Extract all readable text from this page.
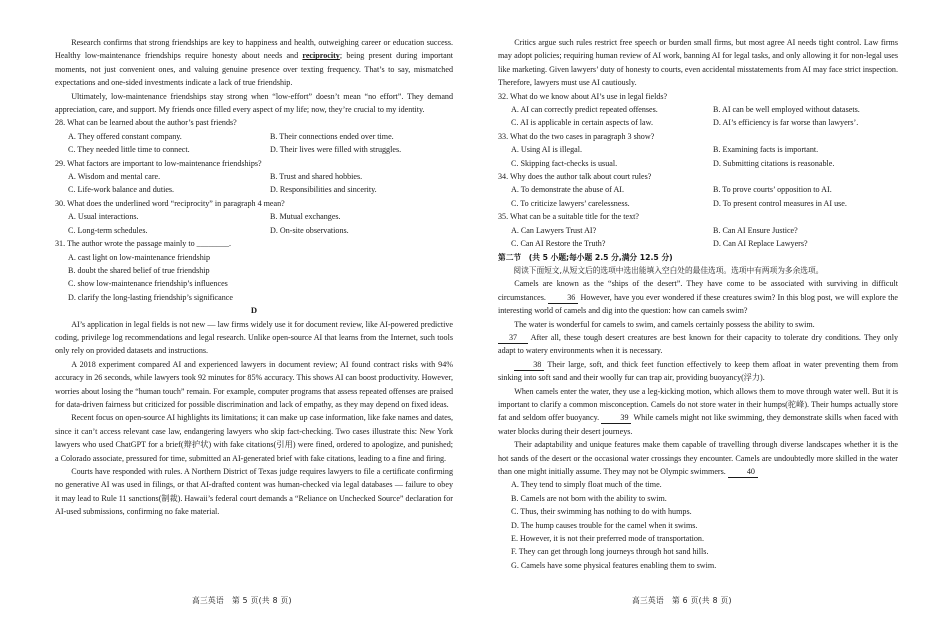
Research confirms that strong friendships are key to happiness and health, outweighing career or education success. Healthy low-maintenance friendships require honesty about needs and reciprocity; being present during important moments, not just convenient ones, and valuing genuine presence over texting frequency. That’s to say, mismatched expectations and one-sided investments indicate a lack of true friendship.

Ultimately, low-maintenance friendships stay strong when “low-effort” doesn’t mean “no effort”. They demand appreciation, care, and support. My friends once filled every aspect of my life; now, they’re crucial to my identity.

28. What can be learned about the author’s past friends?

A. They offered constant company.	B. Their connections ended over time.
C. They needed little time to connect.	D. Their lives were filled with struggles.

29. What factors are important to low-maintenance friendships?

A. Wisdom and mental care.	B. Trust and shared hobbies.
C. Life-work balance and duties.	D. Responsibilities and sincerity.

30. What does the underlined word “reciprocity” in paragraph 4 mean?

A. Usual interactions.	B. Mutual exchanges.
C. Long-term schedules.	D. On-site observations.

31. The author wrote the passage mainly to ________.

A. cast light on low-maintenance friendship
B. doubt the shared belief of true friendship
C. show low-maintenance friendship’s influences
D. clarify the long-lasting friendship’s significance
D

AI’s application in legal fields is not new — law firms widely use it for document review, like AI-powered predictive coding, privilege log recommendations and legal research. Unlike open-source AI that learns from the Internet, such tools only rely on provided datasets and instructions.

A 2018 experiment compared AI and experienced lawyers in document review; AI found contract risks with 94% accuracy in 26 seconds, while lawyers took 92 minutes for 85% accuracy. This shows AI can boost productivity. However, worries about losing the “human touch” remain. For example, computer programs that assess repeated offenses are praised for data-driven fairness but criticized for possible discrimination and lack of empathy, as they may depend on fixed ideas.

Recent focus on open-source AI highlights its limitations; it can make up case information, like fake names and dates, since it can’t access relevant case law, endangering lawyers who skip fact-checking. Two cases illustrate this: New York lawyers who used ChatGPT for a brief(辩护状) with fake citations(引用) were fined, ordered to apologize, and punished; a Colorado associate, pressured for time, submitted an AI-generated brief with fake citations, leading to a fine and firing.

Courts have responded with rules. A Northern District of Texas judge requires lawyers to file a certificate confirming no generative AI was used in filings, or that AI-drafted content was human-checked via legal databases — failure to obey it may lead to Rule 11 sanctions(制裁). Hawaii’s federal court demands a “Reliance on Unchecked Source” declaration for AI-used submissions, confirming no fake material.

Critics argue such rules restrict free speech or burden small firms, but most agree AI needs tight control. Law firms may adopt policies; requiring human review of AI work, banning AI for legal tasks, and only allowing it for non-legal uses like marketing. Given lawyers’ duty of honesty to courts, even accidental misstatements from AI may face strict inspection. Therefore, lawyers must use AI cautiously.

32. What do we know about AI’s use in legal fields?

A. AI can correctly predict repeated offenses.	B. AI can be well employed without datasets.
C. AI is applicable in certain aspects of law.	D. AI’s efficiency is far worse than lawyers’.

33. What do the two cases in paragraph 3 show?

A. Using AI is illegal.	B. Examining facts is important.
C. Skipping fact-checks is usual.	D. Submitting citations is reasonable.

34. Why does the author talk about court rules?

A. To demonstrate the abuse of AI.	B. To prove courts’ opposition to AI.
C. To criticize lawyers’ carelessness.	D. To present control measures in AI use.

35. What can be a suitable title for the text?

A. Can Lawyers Trust AI?	B. Can AI Ensure Justice?
C. Can AI Restore the Truth?	D. Can AI Replace Lawyers?

第二节　(共 5 小题;每小题 2.5 分,满分 12.5 分)

阅读下面短文,从短文后的选项中选出能填入空白处的最佳选项。选项中有两项为多余选项。

Camels are known as the “ships of the desert”. They have come to be associated with surviving in difficult circumstances. 36 However, have you ever wondered if these creatures swim? In this blog post, we will explore the interesting world of camels and dig into the question: how can camels swim?

The water is wonderful for camels to swim, and camels certainly possess the ability to swim.

37 After all, these tough desert creatures are best known for their capacity to tolerate dry conditions. They only adapt to watery environments when it is necessary.

38 Their large, soft, and thick feet function effectively to keep them afloat in water preventing them from sinking into soft sand and their woolly fur can trap air, providing buoyancy(浮力).

When camels enter the water, they use a leg-kicking motion, which allows them to move through water well. But it is important to clarify a common misconception. Camels do not store water in their humps(驼峰). Their humps actually store fat and seldom offer buoyancy. 39 While camels might not like swimming, they demonstrate skills when faced with water blocks during their desert journeys.

Their adaptability and unique features make them capable of travelling through diverse landscapes whether it is the hot sands of the desert or the occasional water crossings they encounter. Camels are undoubtedly more skilled in the water than one might initially assume. They may not be Olympic swimmers. 40

A. They tend to simply float much of the time.
B. Camels are not born with the ability to swim.
C. Thus, their swimming has nothing to do with humps.
D. The hump causes trouble for the camel when it swims.
E. However, it is not their preferred mode of transportation.
F. They can get through long journeys through hot sand hills.
G. Camels have some physical features enabling them to swim.
高三英语　第 5 页(共 8 页)	高三英语　第 6 页(共 8 页)
